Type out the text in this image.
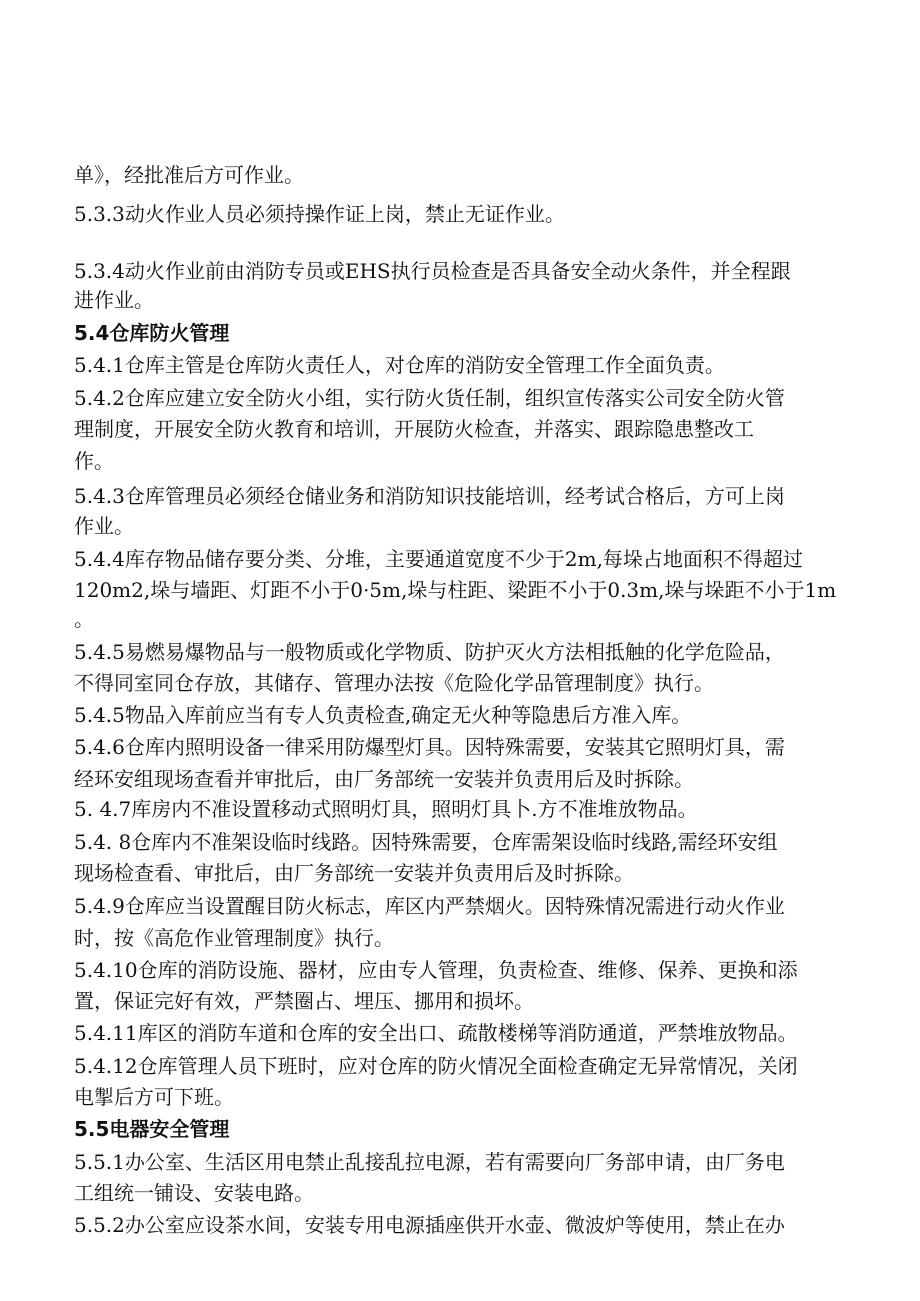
单》，经批准后方可作业。
5.3.3动火作业人员必须持操作证上岗，禁止无证作业。
5.3.4动火作业前由消防专员或EHS执行员检查是否具备安全动火条件，并全程跟
进作业。
5.4仓库防火管理
5.4.1仓库主管是仓库防火责任人，对仓库的消防安全管理工作全面负责。
5.4.2仓库应建立安全防火小组，实行防火货任制，组织宣传落实公司安全防火管
理制度，开展安全防火教育和培训，开展防火检查，并落实、跟踪隐患整改工
作。
5.4.3仓库管理员必须经仓储业务和消防知识技能培训，经考试合格后，方可上岗
作业。
5.4.4库存物品储存要分类、分堆，主要通道宽度不少于2m,每垛占地面积不得超过
120m2,垛与墙距、灯距不小于0·5m,垛与柱距、梁距不小于0.3m,垛与垛距不小于1m
。
5.4.5易燃易爆物品与一般物质或化学物质、防护灭火方法相抵触的化学危险品，
不得同室同仓存放，其储存、管理办法按《危险化学品管理制度》执行。
5.4.5物品入库前应当有专人负责检查,确定无火种等隐患后方准入库。
5.4.6仓库内照明设备一律采用防爆型灯具。因特殊需要，安装其它照明灯具，需
经环安组现场查看并审批后，由厂务部统一安装并负责用后及时拆除。
5. 4.7库房内不准设置移动式照明灯具，照明灯具卜.方不准堆放物品。
5.4. 8仓库内不准架设临时线路。因特殊需要，仓库需架设临时线路,需经环安组
现场检查看、审批后，由厂务部统一安装并负责用后及时拆除。
5.4.9仓库应当设置醒目防火标志，库区内严禁烟火。因特殊情况需进行动火作业
时，按《高危作业管理制度》执行。
5.4.10仓库的消防设施、器材，应由专人管理，负责检查、维修、保养、更换和添
置，保证完好有效，严禁圈占、埋压、挪用和损坏。
5.4.11库区的消防车道和仓库的安全出口、疏散楼梯等消防通道，严禁堆放物品。
5.4.12仓库管理人员下班时，应对仓库的防火情况全面检查确定无异常情况，关闭
电掣后方可下班。
5.5电器安全管理
5.5.1办公室、生活区用电禁止乱接乱拉电源，若有需要向厂务部申请，由厂务电
工组统一铺设、安装电路。
5.5.2办公室应设茶水间，安装专用电源插座供开水壶、微波炉等使用，禁止在办
